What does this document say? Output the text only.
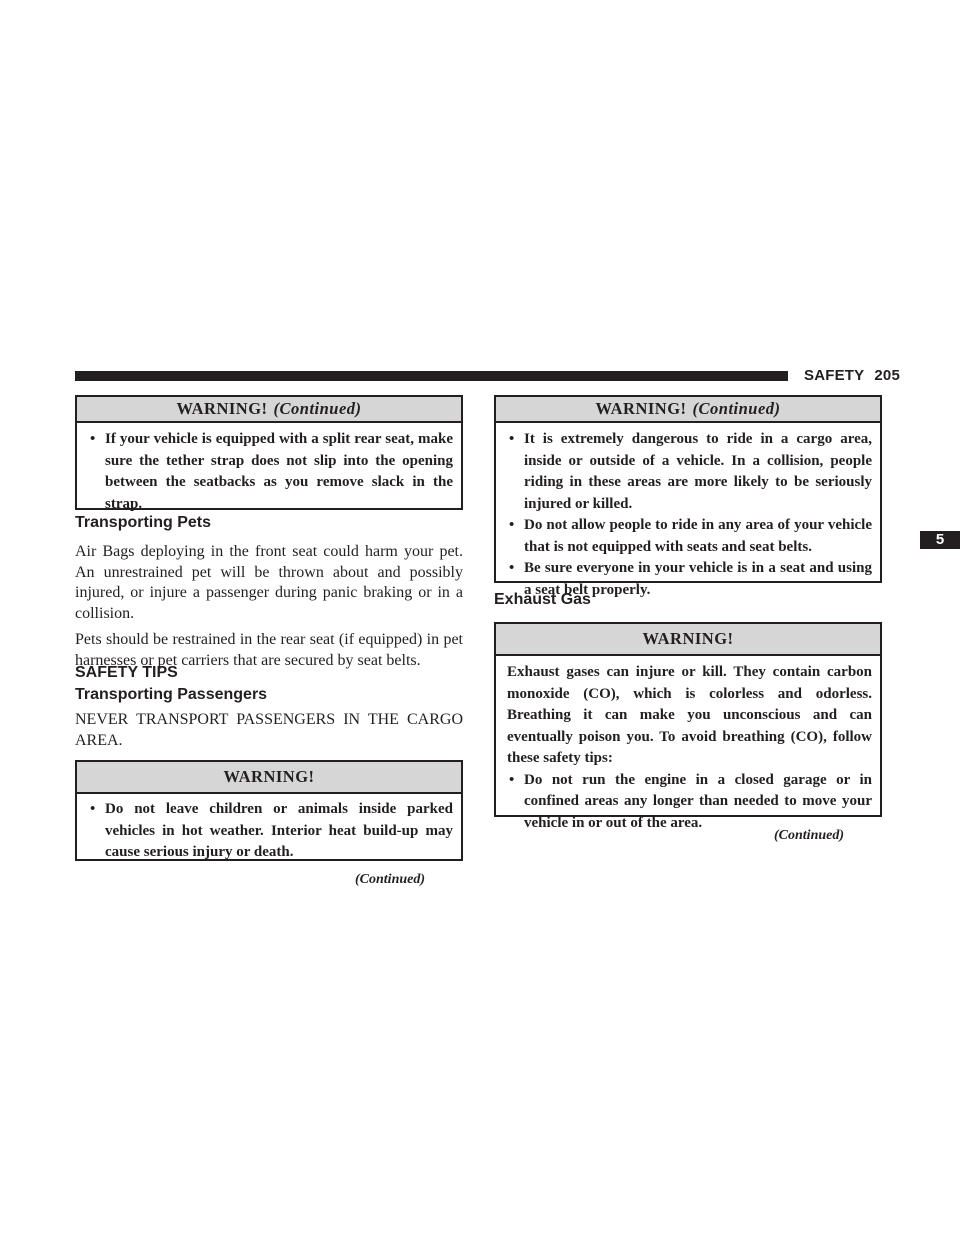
SAFETY 205
5
WARNING! (Continued)
• If your vehicle is equipped with a split rear seat, make sure the tether strap does not slip into the opening between the seatbacks as you remove slack in the strap.
Transporting Pets

Air Bags deploying in the front seat could harm your pet. An unrestrained pet will be thrown about and possibly injured, or injure a passenger during panic braking or in a collision.

Pets should be restrained in the rear seat (if equipped) in pet harnesses or pet carriers that are secured by seat belts.

SAFETY TIPS
Transporting Passengers

NEVER TRANSPORT PASSENGERS IN THE CARGO AREA.

WARNING!
• Do not leave children or animals inside parked vehicles in hot weather. Interior heat build-up may cause serious injury or death.
(Continued)
WARNING! (Continued)
• It is extremely dangerous to ride in a cargo area, inside or outside of a vehicle. In a collision, people riding in these areas are more likely to be seriously injured or killed.
• Do not allow people to ride in any area of your vehicle that is not equipped with seats and seat belts.
• Be sure everyone in your vehicle is in a seat and using a seat belt properly.
Exhaust Gas
WARNING!

Exhaust gases can injure or kill. They contain carbon monoxide (CO), which is colorless and odorless. Breathing it can make you unconscious and can eventually poison you. To avoid breathing (CO), follow these safety tips:

• Do not run the engine in a closed garage or in confined areas any longer than needed to move your vehicle in or out of the area.
(Continued)
